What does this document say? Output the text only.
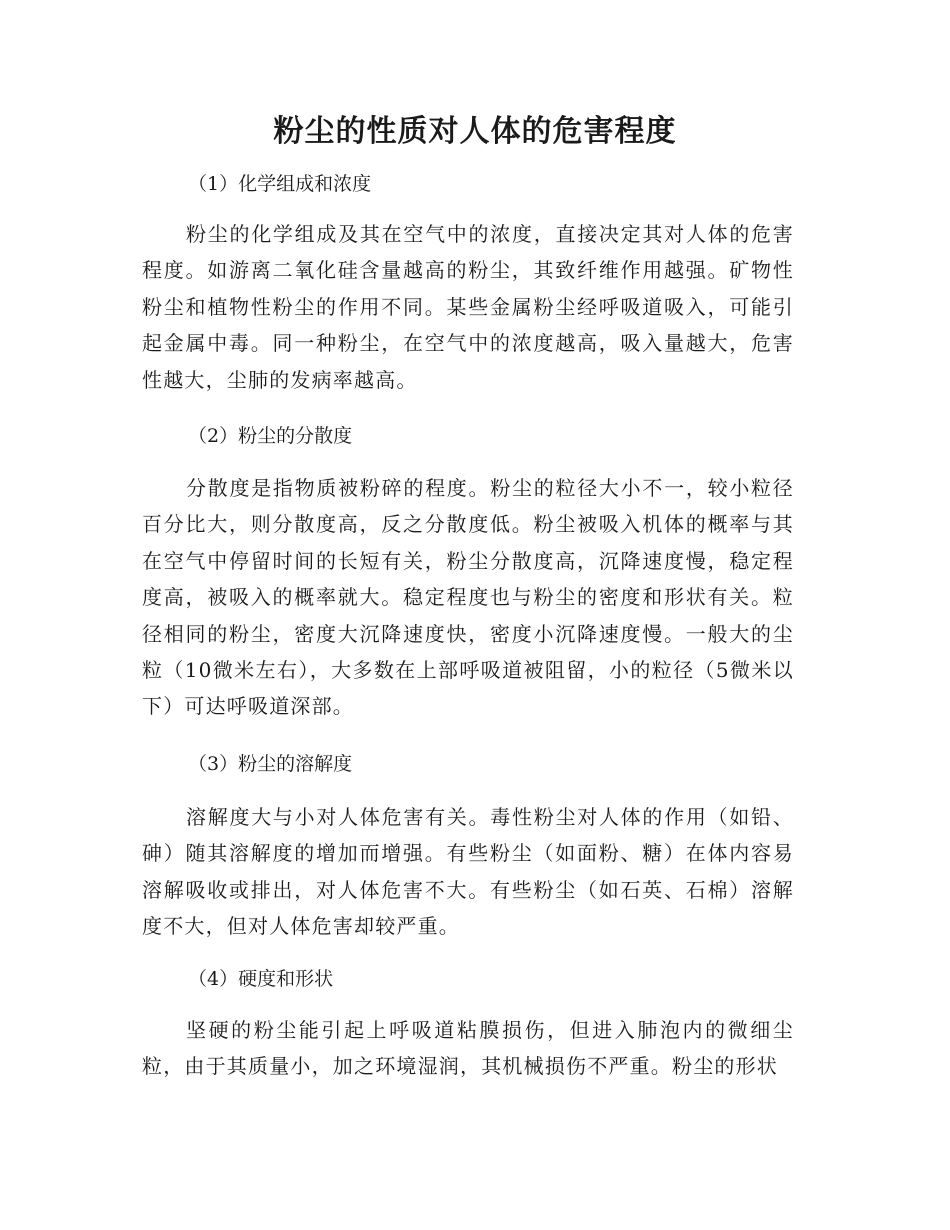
粉尘的性质对人体的危害程度
（1）化学组成和浓度

粉尘的化学组成及其在空气中的浓度，直接决定其对人体的危害程度。如游离二氧化硅含量越高的粉尘，其致纤维作用越强。矿物性粉尘和植物性粉尘的作用不同。某些金属粉尘经呼吸道吸入，可能引起金属中毒。同一种粉尘，在空气中的浓度越高，吸入量越大，危害性越大，尘肺的发病率越高。

（2）粉尘的分散度

分散度是指物质被粉碎的程度。粉尘的粒径大小不一，较小粒径百分比大，则分散度高，反之分散度低。粉尘被吸入机体的概率与其在空气中停留时间的长短有关，粉尘分散度高，沉降速度慢，稳定程度高，被吸入的概率就大。稳定程度也与粉尘的密度和形状有关。粒径相同的粉尘，密度大沉降速度快，密度小沉降速度慢。一般大的尘粒（10微米左右），大多数在上部呼吸道被阻留，小的粒径（5微米以下）可达呼吸道深部。

（3）粉尘的溶解度

溶解度大与小对人体危害有关。毒性粉尘对人体的作用（如铅、砷）随其溶解度的增加而增强。有些粉尘（如面粉、糖）在体内容易溶解吸收或排出，对人体危害不大。有些粉尘（如石英、石棉）溶解度不大，但对人体危害却较严重。

（4）硬度和形状

坚硬的粉尘能引起上呼吸道粘膜损伤，但进入肺泡内的微细尘粒，由于其质量小，加之环境湿润，其机械损伤不严重。粉尘的形状
